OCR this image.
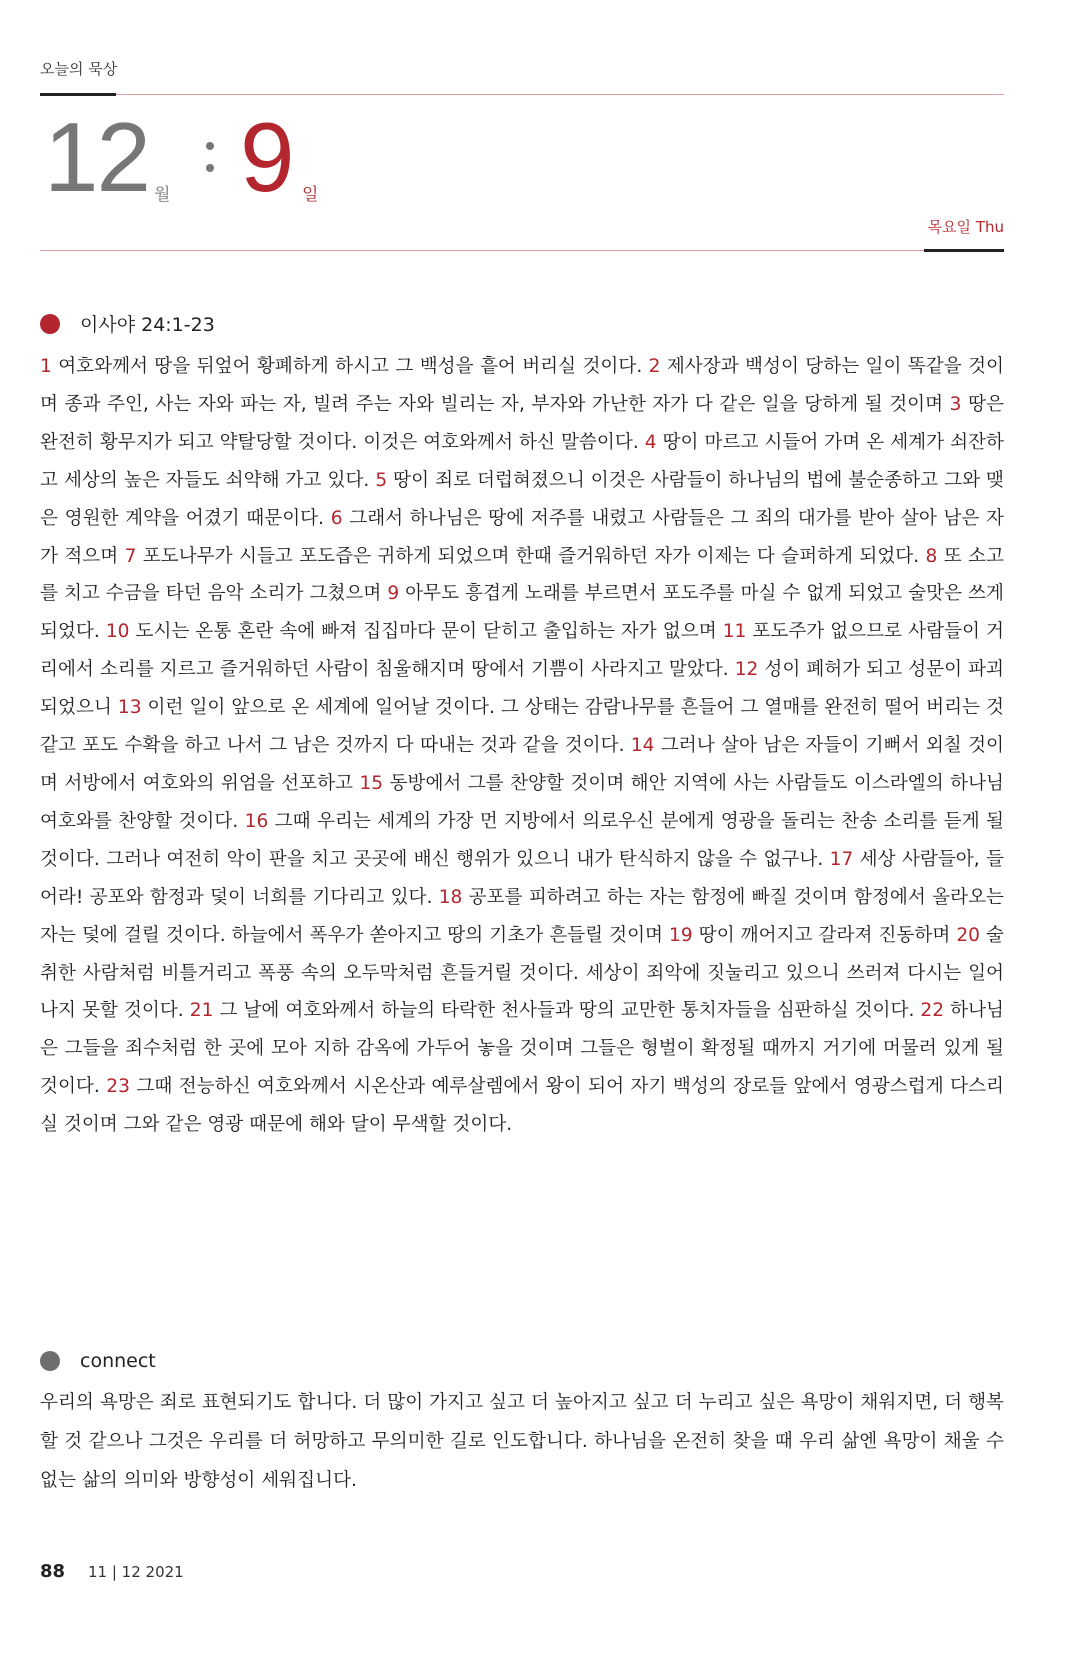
오늘의 묵상
12 월 9 일
목요일 Thu
이사야 24:1-23

1 여호와께서 땅을 뒤엎어 황폐하게 하시고 그 백성을 흩어 버리실 것이다. 2 제사장과 백성이 당하는 일이 똑같을 것이며 종과 주인, 사는 자와 파는 자, 빌려 주는 자와 빌리는 자, 부자와 가난한 자가 다 같은 일을 당하게 될 것이며 3 땅은 완전히 황무지가 되고 약탈당할 것이다. 이것은 여호와께서 하신 말씀이다. 4 땅이 마르고 시들어 가며 온 세계가 쇠잔하고 세상의 높은 자들도 쇠약해 가고 있다. 5 땅이 죄로 더럽혀졌으니 이것은 사람들이 하나님의 법에 불순종하고 그와 맺은 영원한 계약을 어겼기 때문이다. 6 그래서 하나님은 땅에 저주를 내렸고 사람들은 그 죄의 대가를 받아 살아 남은 자가 적으며 7 포도나무가 시들고 포도즙은 귀하게 되었으며 한때 즐거워하던 자가 이제는 다 슬퍼하게 되었다. 8 또 소고를 치고 수금을 타던 음악 소리가 그쳤으며 9 아무도 흥겹게 노래를 부르면서 포도주를 마실 수 없게 되었고 술맛은 쓰게 되었다. 10 도시는 온통 혼란 속에 빠져 집집마다 문이 닫히고 출입하는 자가 없으며 11 포도주가 없으므로 사람들이 거리에서 소리를 지르고 즐거워하던 사람이 침울해지며 땅에서 기쁨이 사라지고 말았다. 12 성이 폐허가 되고 성문이 파괴되었으니 13 이런 일이 앞으로 온 세계에 일어날 것이다. 그 상태는 감람나무를 흔들어 그 열매를 완전히 떨어 버리는 것 같고 포도 수확을 하고 나서 그 남은 것까지 다 따내는 것과 같을 것이다. 14 그러나 살아 남은 자들이 기뻐서 외칠 것이며 서방에서 여호와의 위엄을 선포하고 15 동방에서 그를 찬양할 것이며 해안 지역에 사는 사람들도 이스라엘의 하나님 여호와를 찬양할 것이다. 16 그때 우리는 세계의 가장 먼 지방에서 의로우신 분에게 영광을 돌리는 찬송 소리를 듣게 될 것이다. 그러나 여전히 악이 판을 치고 곳곳에 배신 행위가 있으니 내가 탄식하지 않을 수 없구나. 17 세상 사람들아, 들어라! 공포와 함정과 덫이 너희를 기다리고 있다. 18 공포를 피하려고 하는 자는 함정에 빠질 것이며 함정에서 올라오는 자는 덫에 걸릴 것이다. 하늘에서 폭우가 쏟아지고 땅의 기초가 흔들릴 것이며 19 땅이 깨어지고 갈라져 진동하며 20 술 취한 사람처럼 비틀거리고 폭풍 속의 오두막처럼 흔들거릴 것이다. 세상이 죄악에 짓눌리고 있으니 쓰러져 다시는 일어나지 못할 것이다. 21 그 날에 여호와께서 하늘의 타락한 천사들과 땅의 교만한 통치자들을 심판하실 것이다. 22 하나님은 그들을 죄수처럼 한 곳에 모아 지하 감옥에 가두어 놓을 것이며 그들은 형벌이 확정될 때까지 거기에 머물러 있게 될 것이다. 23 그때 전능하신 여호와께서 시온산과 예루살렘에서 왕이 되어 자기 백성의 장로들 앞에서 영광스럽게 다스리실 것이며 그와 같은 영광 때문에 해와 달이 무색할 것이다.

connect

우리의 욕망은 죄로 표현되기도 합니다. 더 많이 가지고 싶고 더 높아지고 싶고 더 누리고 싶은 욕망이 채워지면, 더 행복할 것 같으나 그것은 우리를 더 허망하고 무의미한 길로 인도합니다. 하나님을 온전히 찾을 때 우리 삶엔 욕망이 채울 수 없는 삶의 의미와 방향성이 세워집니다.

88 11 | 12 2021
